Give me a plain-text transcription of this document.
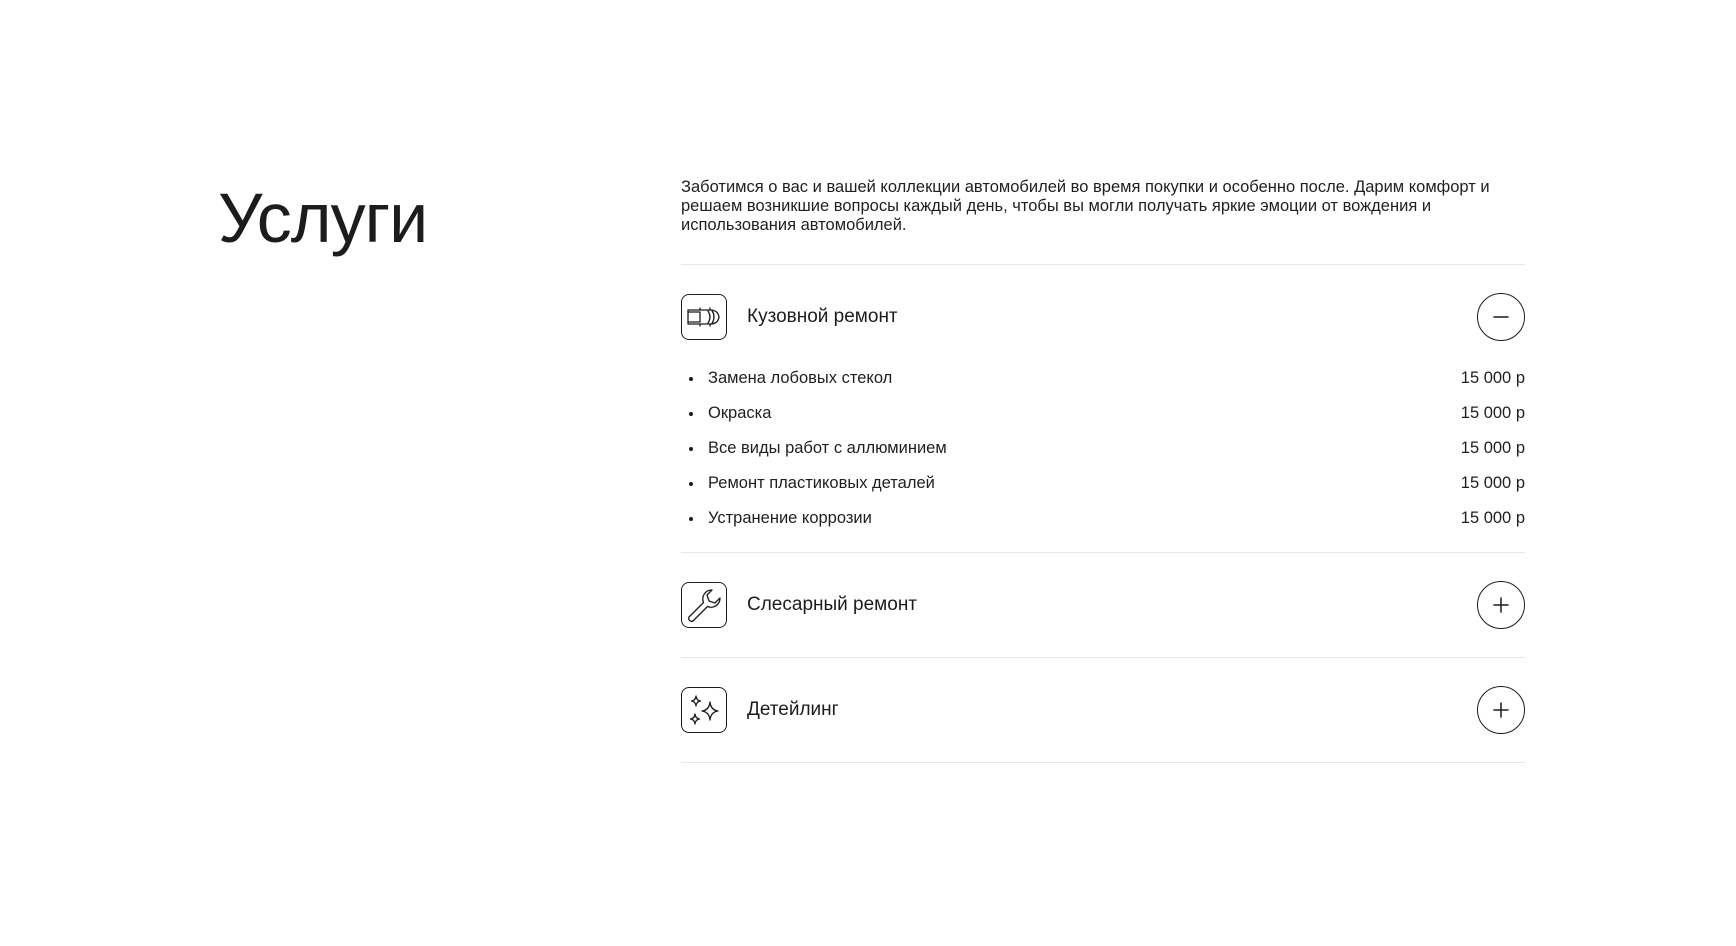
Услуги	Заботимся о вас и вашей коллекции автомобилей во время покупки и особенно после. Дарим комфорт и решаем возникшие вопросы каждый день, чтобы вы могли получать яркие эмоции от вождения и использования автомобилей.

Кузовной ремонт
Замена лобовых стекол	15 000 р
Окраска	15 000 р
Все виды работ с аллюминием	15 000 р
Ремонт пластиковых деталей	15 000 р
Устранение коррозии	15 000 р
Слесарный ремонт
Детейлинг
